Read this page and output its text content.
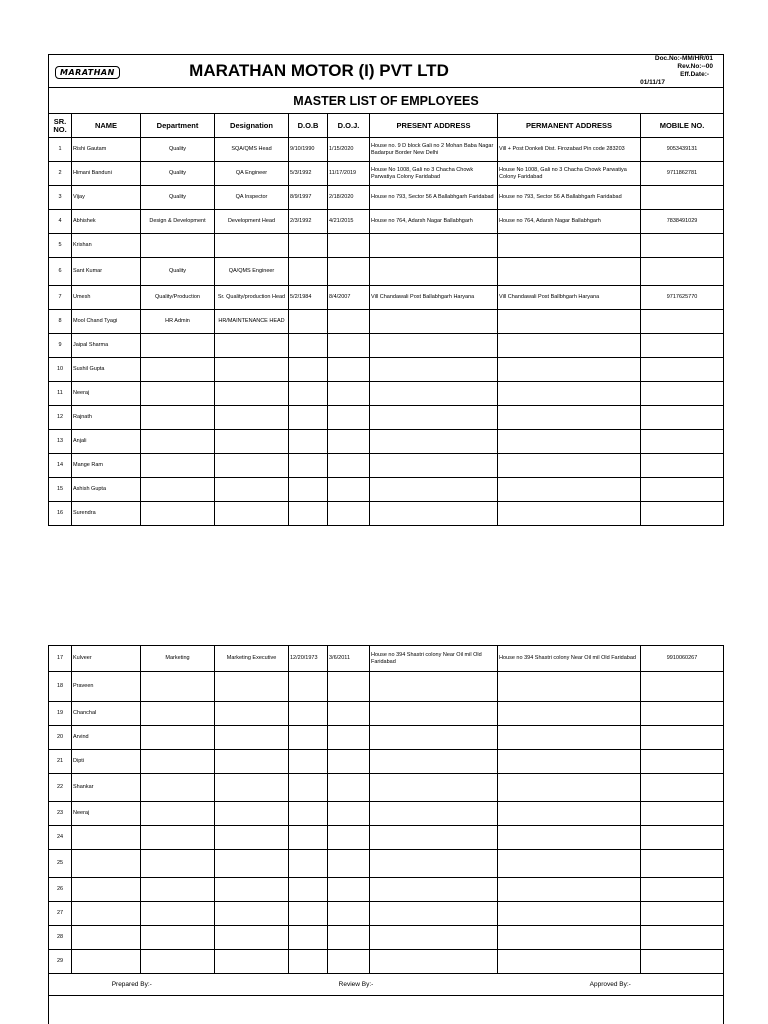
MARATHAN		MARATHAN MOTOR (I) PVT LTD					Doc.No:-MM/HR/01
Rev.No:--00
Eff.Date:-
01/11/17	

MASTER LIST OF EMPLOYEES								
SR. NO.	NAME	Department	Designation	D.O.B	D.O.J.	PRESENT ADDRESS	PERMANENT ADDRESS	MOBILE NO.
1	Rishi Gautam	Quality	SQA/QMS Head	9/10/1990	1/15/2020	House no. 9 D block Gali no 2 Mohan Baba Nagar Badarpur Border New Delhi	Vill + Post Donkeli Dist. Firozabad Pin code 283203	9053439131
2	Himani Banduni	Quality	QA Engineer	5/3/1992	11/17/2019	House No 1008, Gali no 3 Chacha Chowk Parwatiya Colony Faridabad	House No 1008, Gali no 3 Chacha Chowk Parwatiya Colony Faridabad	9711862781
3	Vijay	Quality	QA Inspector	8/9/1997	2/18/2020	House no 793, Sector 56 A Ballabhgarh Faridabad	House no 793, Sector 56 A Ballabhgarh Faridabad	
4	Abhishek	Design & Development	Development Head	2/3/1992	4/21/2015	House no 764, Adarsh Nagar Ballabhgarh	House no 764, Adarsh Nagar Ballabhgarh	7838491029
5	Krishan							
6	Sant Kumar	Quality	QA/QMS Engineer					
7	Umesh	Quality/Production	Sr. Quality/production Head	5/2/1984	8/4/2007	Vill Chandawali Post Ballabhgarh Haryana	Vill Chandawali Post Ballbhgarh Haryana	9717625770
8	Mool Chand Tyagi	HR Admin	HR/MAINTENANCE HEAD					
9	Jaipal Sharma							
10	Sushil Gupta							
11	Neeraj							
12	Rajnath							
13	Anjali							
14	Mange Ram							
15	Ashish Gupta							
16	Surendra							
17	Kulveer	Marketing	Marketing Executive	12/20/1973	3/6/2011	House no 394 Shastri colony Near Oil mil Old Faridabad	House no 394 Shastri colony Near Oil mil Old Faridabad	9910060267
18	Praveen							
19	Chanchal							
20	Arvind							
21	Dipti							
22	Shankar							
23	Neeraj							
24								
25								
26								
27								
28								
29								
Prepared By:-			Review By:-				Approved By:-	
